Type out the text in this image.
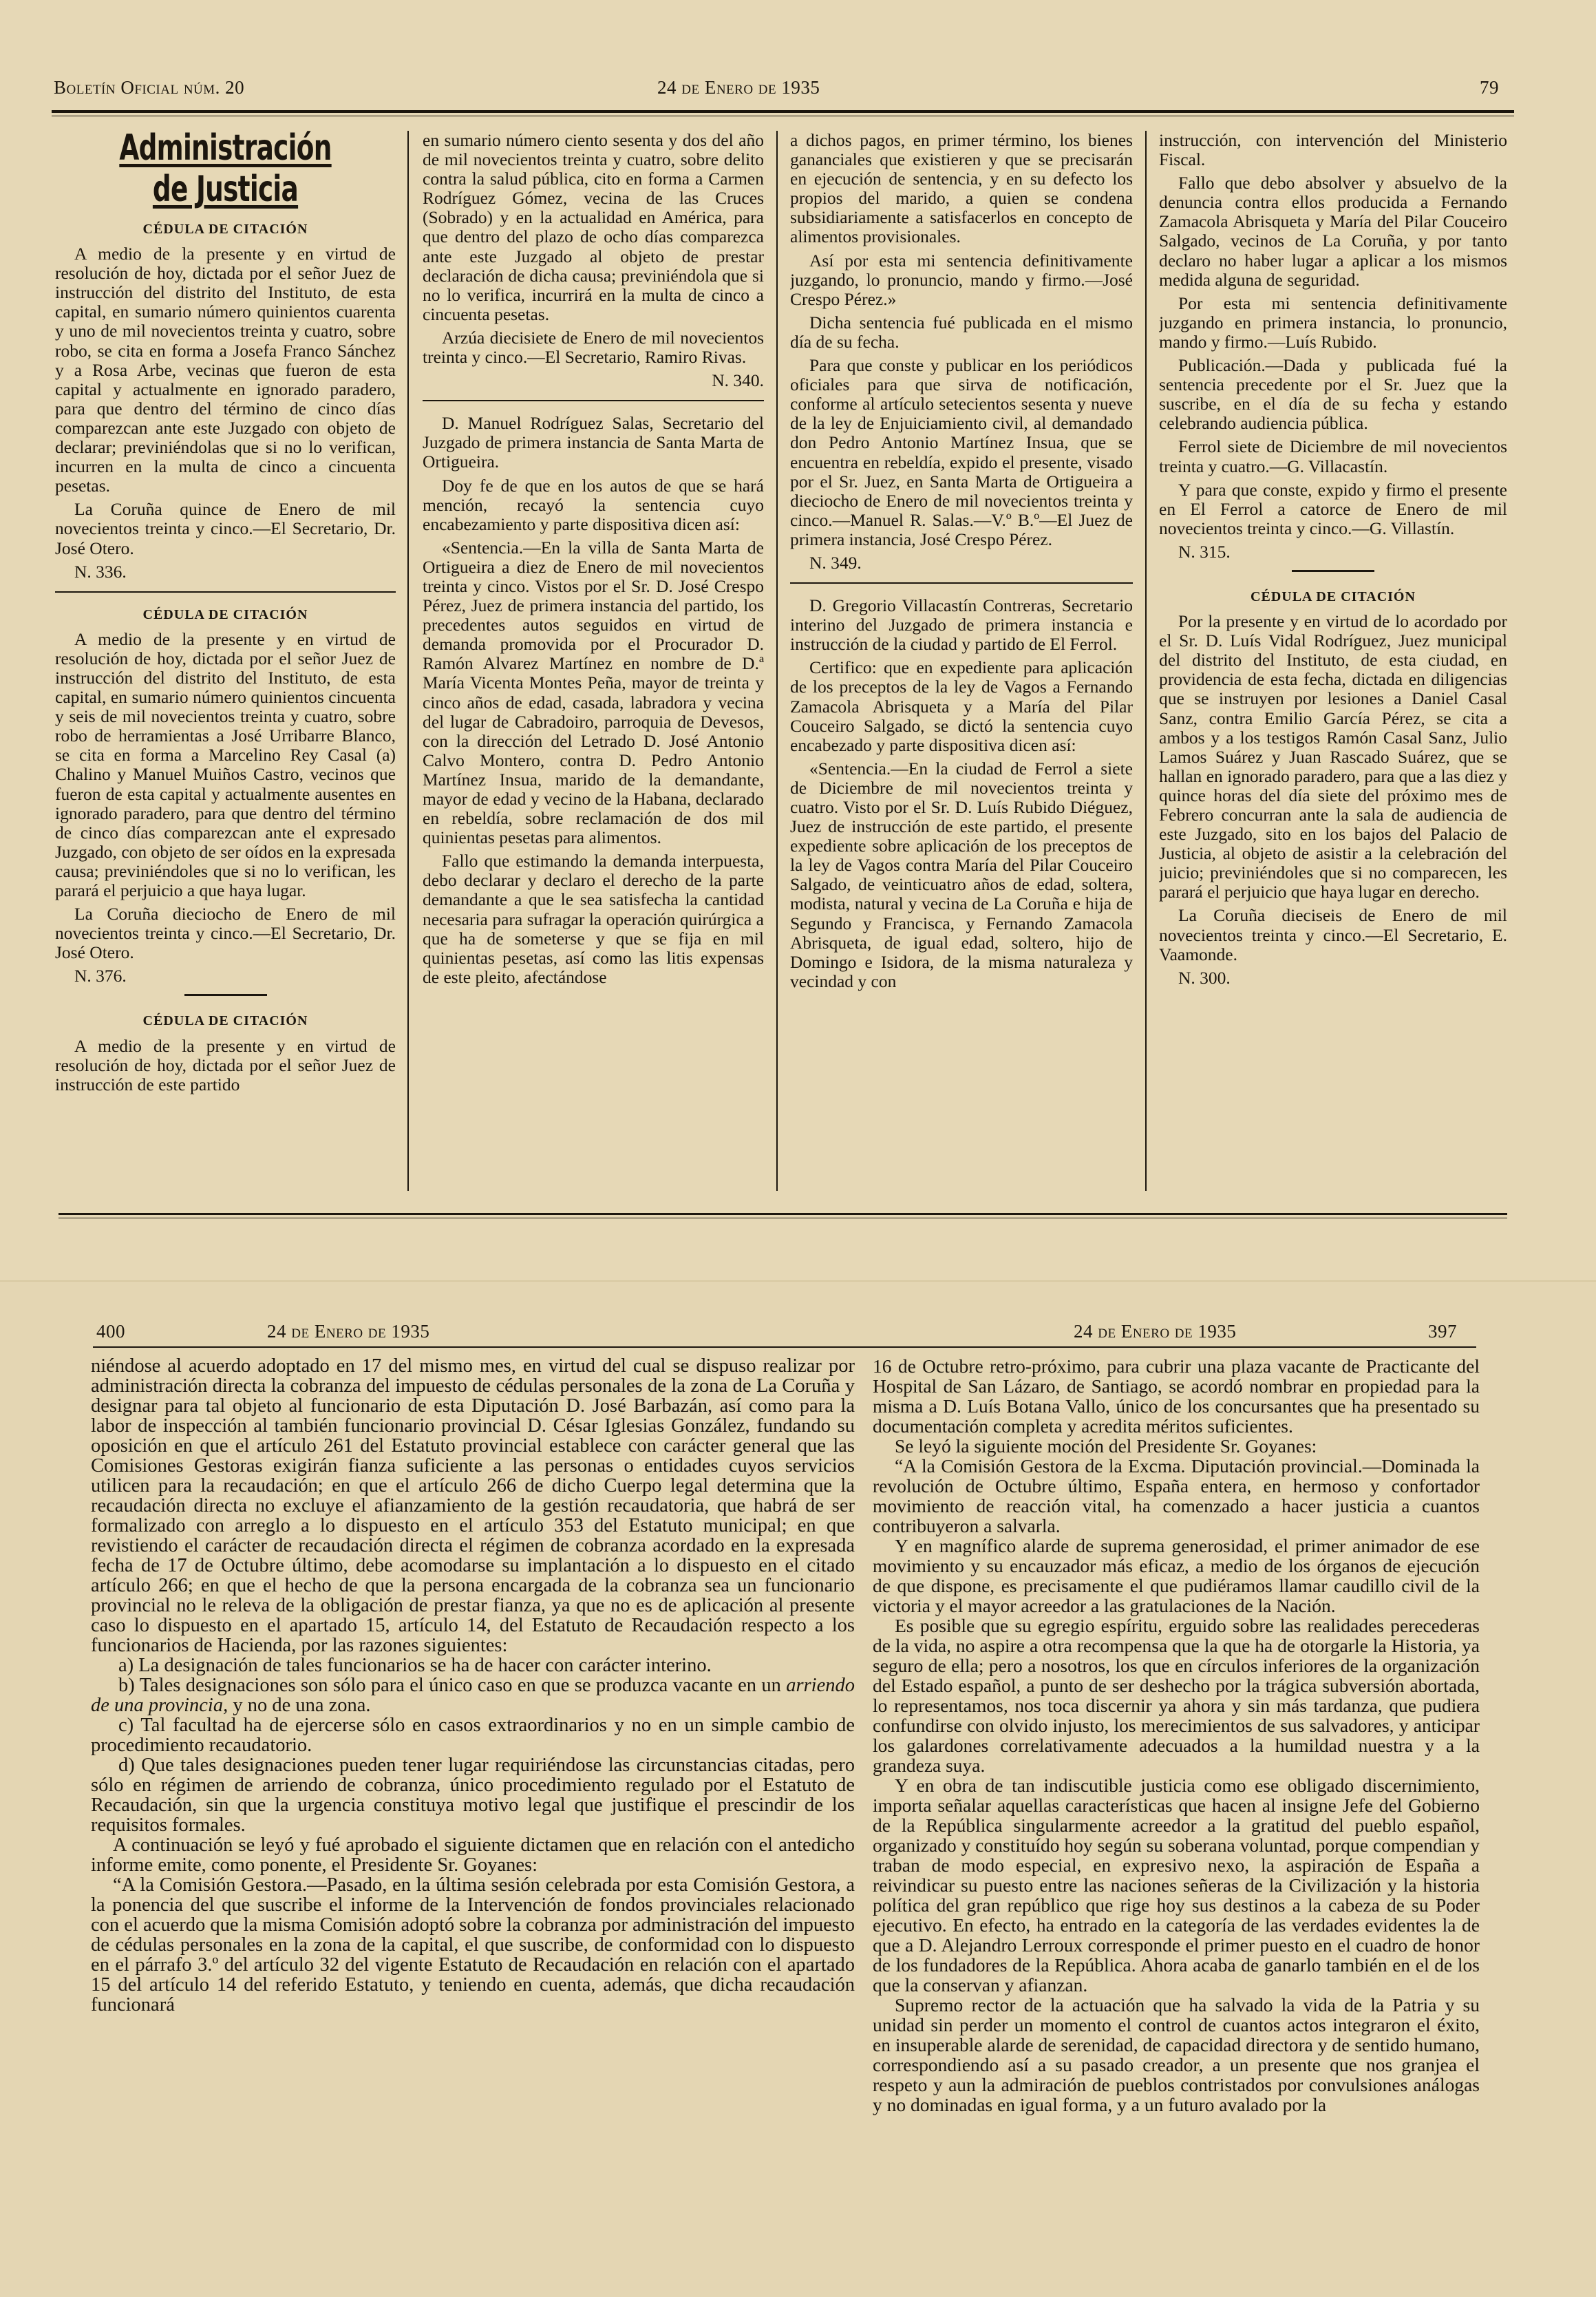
Boletín Oficial núm. 20	24 de Enero de 1935	79
Administración de Justicia
CÉDULA DE CITACIÓN

A medio de la presente y en virtud de resolución de hoy, dictada por el señor Juez de instrucción del distrito del Instituto, de esta capital, en sumario número quinientos cuarenta y uno de mil novecientos treinta y cuatro, sobre robo, se cita en forma a Josefa Franco Sánchez y a Rosa Arbe, vecinas que fueron de esta capital y actualmente en ignorado paradero, para que dentro del término de cinco días comparezcan ante este Juzgado con objeto de declarar; previniéndolas que si no lo verifican, incurren en la multa de cinco a cincuenta pesetas.

La Coruña quince de Enero de mil novecientos treinta y cinco.—El Secretario, Dr. José Otero.

N. 336.

CÉDULA DE CITACIÓN

A medio de la presente y en virtud de resolución de hoy, dictada por el señor Juez de instrucción del distrito del Instituto, de esta capital, en sumario número quinientos cincuenta y seis de mil novecientos treinta y cuatro, sobre robo de herramientas a José Urribarre Blanco, se cita en forma a Marcelino Rey Casal (a) Chalino y Manuel Muiños Castro, vecinos que fueron de esta capital y actualmente ausentes en ignorado paradero, para que dentro del término de cinco días comparezcan ante el expresado Juzgado, con objeto de ser oídos en la expresada causa; previniéndoles que si no lo verifican, les parará el perjuicio a que haya lugar.

La Coruña dieciocho de Enero de mil novecientos treinta y cinco.—El Secretario, Dr. José Otero.

N. 376.

CÉDULA DE CITACIÓN

A medio de la presente y en virtud de resolución de hoy, dictada por el señor Juez de instrucción de este partido

en sumario número ciento sesenta y dos del año de mil novecientos treinta y cuatro, sobre delito contra la salud pública, cito en forma a Carmen Rodríguez Gómez, vecina de las Cruces (Sobrado) y en la actualidad en América, para que dentro del plazo de ocho días comparezca ante este Juzgado al objeto de prestar declaración de dicha causa; previniéndola que si no lo verifica, incurrirá en la multa de cinco a cincuenta pesetas.

Arzúa diecisiete de Enero de mil novecientos treinta y cinco.—El Secretario, Ramiro Rivas.

N. 340.

D. Manuel Rodríguez Salas, Secretario del Juzgado de primera instancia de Santa Marta de Ortigueira.

Doy fe de que en los autos de que se hará mención, recayó la sentencia cuyo encabezamiento y parte dispositiva dicen así:

«Sentencia.—En la villa de Santa Marta de Ortigueira a diez de Enero de mil novecientos treinta y cinco. Vistos por el Sr. D. José Crespo Pérez, Juez de primera instancia del partido, los precedentes autos seguidos en virtud de demanda promovida por el Procurador D. Ramón Alvarez Martínez en nombre de D.ª María Vicenta Montes Peña, mayor de treinta y cinco años de edad, casada, labradora y vecina del lugar de Cabradoiro, parroquia de Devesos, con la dirección del Letrado D. José Antonio Calvo Montero, contra D. Pedro Antonio Martínez Insua, marido de la demandante, mayor de edad y vecino de la Habana, declarado en rebeldía, sobre reclamación de dos mil quinientas pesetas para alimentos.

Fallo que estimando la demanda interpuesta, debo declarar y declaro el derecho de la parte demandante a que le sea satisfecha la cantidad necesaria para sufragar la operación quirúrgica a que ha de someterse y que se fija en mil quinientas pesetas, así como las litis expensas de este pleito, afectándose

a dichos pagos, en primer término, los bienes gananciales que existieren y que se precisarán en ejecución de sentencia, y en su defecto los propios del marido, a quien se condena subsidiariamente a satisfacerlos en concepto de alimentos provisionales.

Así por esta mi sentencia definitivamente juzgando, lo pronuncio, mando y firmo.—José Crespo Pérez.»

Dicha sentencia fué publicada en el mismo día de su fecha.

Para que conste y publicar en los periódicos oficiales para que sirva de notificación, conforme al artículo setecientos sesenta y nueve de la ley de Enjuiciamiento civil, al demandado don Pedro Antonio Martínez Insua, que se encuentra en rebeldía, expido el presente, visado por el Sr. Juez, en Santa Marta de Ortigueira a dieciocho de Enero de mil novecientos treinta y cinco.—Manuel R. Salas.—V.º B.º—El Juez de primera instancia, José Crespo Pérez.

N. 349.

D. Gregorio Villacastín Contreras, Secretario interino del Juzgado de primera instancia e instrucción de la ciudad y partido de El Ferrol.

Certifico: que en expediente para aplicación de los preceptos de la ley de Vagos a Fernando Zamacola Abrisqueta y a María del Pilar Couceiro Salgado, se dictó la sentencia cuyo encabezado y parte dispositiva dicen así:

«Sentencia.—En la ciudad de Ferrol a siete de Diciembre de mil novecientos treinta y cuatro. Visto por el Sr. D. Luís Rubido Diéguez, Juez de instrucción de este partido, el presente expediente sobre aplicación de los preceptos de la ley de Vagos contra María del Pilar Couceiro Salgado, de veinticuatro años de edad, soltera, modista, natural y vecina de La Coruña e hija de Segundo y Francisca, y Fernando Zamacola Abrisqueta, de igual edad, soltero, hijo de Domingo e Isidora, de la misma naturaleza y vecindad y con

instrucción, con intervención del Ministerio Fiscal.

Fallo que debo absolver y absuelvo de la denuncia contra ellos producida a Fernando Zamacola Abrisqueta y María del Pilar Couceiro Salgado, vecinos de La Coruña, y por tanto declaro no haber lugar a aplicar a los mismos medida alguna de seguridad.

Por esta mi sentencia definitivamente juzgando en primera instancia, lo pronuncio, mando y firmo.—Luís Rubido.

Publicación.—Dada y publicada fué la sentencia precedente por el Sr. Juez que la suscribe, en el día de su fecha y estando celebrando audiencia pública.

Ferrol siete de Diciembre de mil novecientos treinta y cuatro.—G. Villacastín.

Y para que conste, expido y firmo el presente en El Ferrol a catorce de Enero de mil novecientos treinta y cinco.—G. Villastín.

N. 315.

CÉDULA DE CITACIÓN

Por la presente y en virtud de lo acordado por el Sr. D. Luís Vidal Rodríguez, Juez municipal del distrito del Instituto, de esta ciudad, en providencia de esta fecha, dictada en diligencias que se instruyen por lesiones a Daniel Casal Sanz, contra Emilio García Pérez, se cita a ambos y a los testigos Ramón Casal Sanz, Julio Lamos Suárez y Juan Rascado Suárez, que se hallan en ignorado paradero, para que a las diez y quince horas del día siete del próximo mes de Febrero concurran ante la sala de audiencia de este Juzgado, sito en los bajos del Palacio de Justicia, al objeto de asistir a la celebración del juicio; previniéndoles que si no comparecen, les parará el perjuicio que haya lugar en derecho.

La Coruña dieciseis de Enero de mil novecientos treinta y cinco.—El Secretario, E. Vaamonde.

N. 300.

400	24 de Enero de 1935	24 de Enero de 1935	397

niéndose al acuerdo adoptado en 17 del mismo mes, en virtud del cual se dispuso realizar por administración directa la cobranza del impuesto de cédulas personales de la zona de La Coruña y designar para tal objeto al funcionario de esta Diputación D. José Barbazán, así como para la labor de inspección al también funcionario provincial D. César Iglesias González, fundando su oposición en que el artículo 261 del Estatuto provincial establece con carácter general que las Comisiones Gestoras exigirán fianza suficiente a las personas o entidades cuyos servicios utilicen para la recaudación; en que el artículo 266 de dicho Cuerpo legal determina que la recaudación directa no excluye el afianzamiento de la gestión recaudatoria, que habrá de ser formalizado con arreglo a lo dispuesto en el artículo 353 del Estatuto municipal; en que revistiendo el carácter de recaudación directa el régimen de cobranza acordado en la expresada fecha de 17 de Octubre último, debe acomodarse su implantación a lo dispuesto en el citado artículo 266; en que el hecho de que la persona encargada de la cobranza sea un funcionario provincial no le releva de la obligación de prestar fianza, ya que no es de aplicación al presente caso lo dispuesto en el apartado 15, artículo 14, del Estatuto de Recaudación respecto a los funcionarios de Hacienda, por las razones siguientes:

a) La designación de tales funcionarios se ha de hacer con carácter interino.

b) Tales designaciones son sólo para el único caso en que se produzca vacante en un arriendo de una provincia, y no de una zona.

c) Tal facultad ha de ejercerse sólo en casos extraordinarios y no en un simple cambio de procedimiento recaudatorio.

d) Que tales designaciones pueden tener lugar requiriéndose las circunstancias citadas, pero sólo en régimen de arriendo de cobranza, único procedimiento regulado por el Estatuto de Recaudación, sin que la urgencia constituya motivo legal que justifique el prescindir de los requisitos formales.

A continuación se leyó y fué aprobado el siguiente dictamen que en relación con el antedicho informe emite, como ponente, el Presidente Sr. Goyanes:

“A la Comisión Gestora.—Pasado, en la última sesión celebrada por esta Comisión Gestora, a la ponencia del que suscribe el informe de la Intervención de fondos provinciales relacionado con el acuerdo que la misma Comisión adoptó sobre la cobranza por administración del impuesto de cédulas personales en la zona de la capital, el que suscribe, de conformidad con lo dispuesto en el párrafo 3.º del artículo 32 del vigente Estatuto de Recaudación en relación con el apartado 15 del artículo 14 del referido Estatuto, y teniendo en cuenta, además, que dicha recaudación funcionará

16 de Octubre retro-próximo, para cubrir una plaza vacante de Practicante del Hospital de San Lázaro, de Santiago, se acordó nombrar en propiedad para la misma a D. Luís Botana Vallo, único de los concursantes que ha presentado su documentación completa y acredita méritos suficientes.

Se leyó la siguiente moción del Presidente Sr. Goyanes:

“A la Comisión Gestora de la Excma. Diputación provincial.—Dominada la revolución de Octubre último, España entera, en hermoso y confortador movimiento de reacción vital, ha comenzado a hacer justicia a cuantos contribuyeron a salvarla.

Y en magnífico alarde de suprema generosidad, el primer animador de ese movimiento y su encauzador más eficaz, a medio de los órganos de ejecución de que dispone, es precisamente el que pudiéramos llamar caudillo civil de la victoria y el mayor acreedor a las gratulaciones de la Nación.

Es posible que su egregio espíritu, erguido sobre las realidades perecederas de la vida, no aspire a otra recompensa que la que ha de otorgarle la Historia, ya seguro de ella; pero a nosotros, los que en círculos inferiores de la organización del Estado español, a punto de ser deshecho por la trágica subversión abortada, lo representamos, nos toca discernir ya ahora y sin más tardanza, que pudiera confundirse con olvido injusto, los merecimientos de sus salvadores, y anticipar los galardones correlativamente adecuados a la humildad nuestra y a la grandeza suya.

Y en obra de tan indiscutible justicia como ese obligado discernimiento, importa señalar aquellas características que hacen al insigne Jefe del Gobierno de la República singularmente acreedor a la gratitud del pueblo español, organizado y constituído hoy según su soberana voluntad, porque compendian y traban de modo especial, en expresivo nexo, la aspiración de España a reivindicar su puesto entre las naciones señeras de la Civilización y la historia política del gran repúblico que rige hoy sus destinos a la cabeza de su Poder ejecutivo. En efecto, ha entrado en la categoría de las verdades evidentes la de que a D. Alejandro Lerroux corresponde el primer puesto en el cuadro de honor de los fundadores de la República. Ahora acaba de ganarlo también en el de los que la conservan y afianzan.

Supremo rector de la actuación que ha salvado la vida de la Patria y su unidad sin perder un momento el control de cuantos actos integraron el éxito, en insuperable alarde de serenidad, de capacidad directora y de sentido humano, correspondiendo así a su pasado creador, a un presente que nos granjea el respeto y aun la admiración de pueblos contristados por convulsiones análogas y no dominadas en igual forma, y a un futuro avalado por la
